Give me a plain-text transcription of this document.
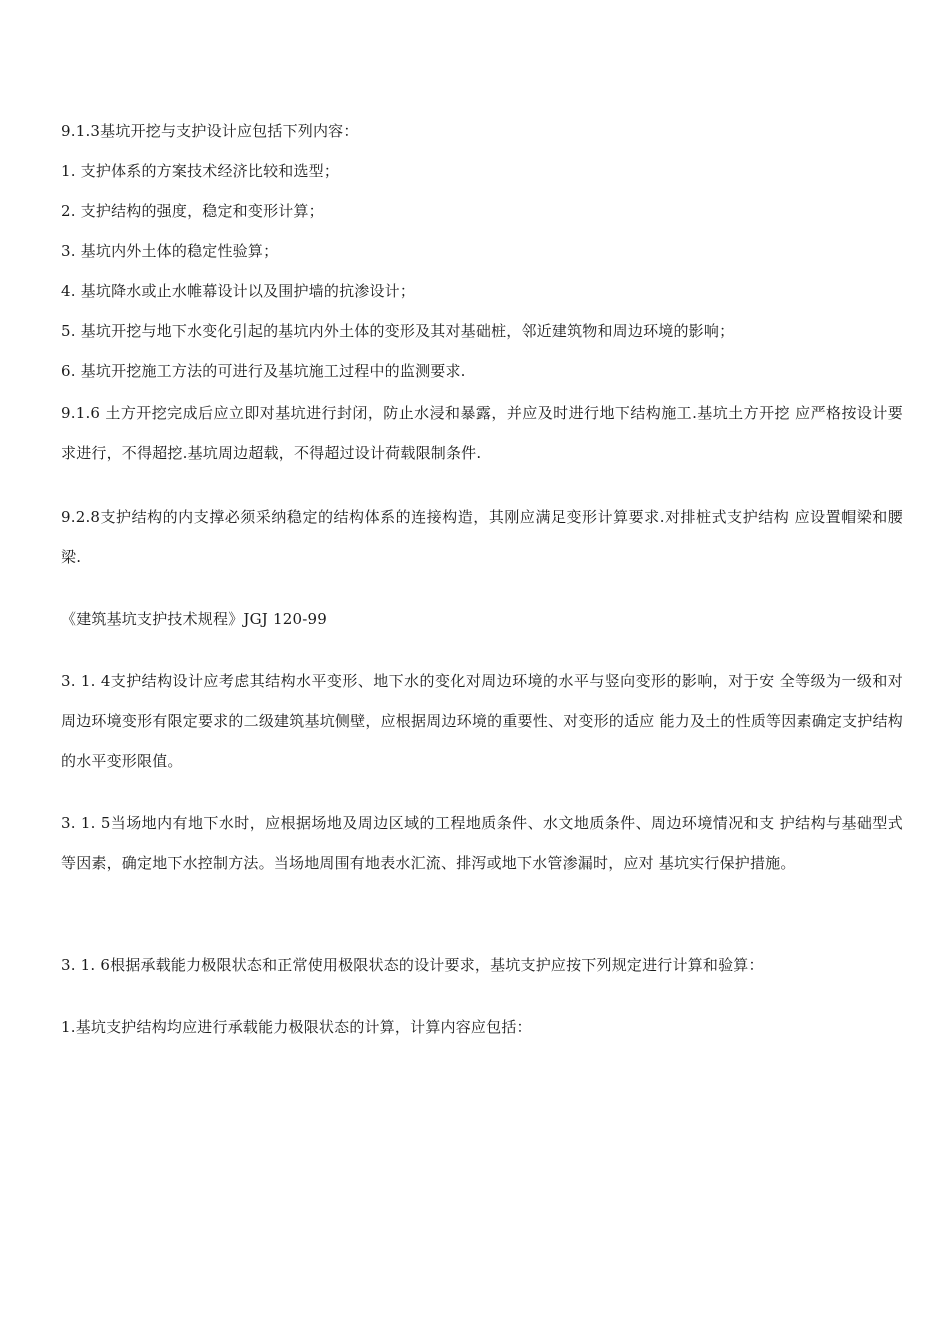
9.1.3基坑开挖与支护设计应包括下列内容：
1. 支护体系的方案技术经济比较和选型；
2. 支护结构的强度，稳定和变形计算；
3. 基坑内外土体的稳定性验算；
4. 基坑降水或止水帷幕设计以及围护墙的抗渗设计；
5. 基坑开挖与地下水变化引起的基坑内外土体的变形及其对基础桩，邻近建筑物和周边环境的影响；
6. 基坑开挖施工方法的可进行及基坑施工过程中的监测要求.
9.1.6 土方开挖完成后应立即对基坑进行封闭，防止水浸和暴露，并应及时进行地下结构施工.基坑土方开挖 应严格按设计要求进行，不得超挖.基坑周边超载，不得超过设计荷载限制条件.
9.2.8支护结构的内支撑必须采纳稳定的结构体系的连接构造，其刚应满足变形计算要求.对排桩式支护结构 应设置帽梁和腰梁.
《建筑基坑支护技术规程》JGJ 120-99
3. 1. 4支护结构设计应考虑其结构水平变形、地下水的变化对周边环境的水平与竖向变形的影响，对于安 全等级为一级和对周边环境变形有限定要求的二级建筑基坑侧壁，应根据周边环境的重要性、对变形的适应 能力及土的性质等因素确定支护结构的水平变形限值。
3. 1. 5当场地内有地下水时，应根据场地及周边区域的工程地质条件、水文地质条件、周边环境情况和支 护结构与基础型式等因素，确定地下水控制方法。当场地周围有地表水汇流、排泻或地下水管渗漏时，应对 基坑实行保护措施。
3. 1. 6根据承载能力极限状态和正常使用极限状态的设计要求，基坑支护应按下列规定进行计算和验算：
1.基坑支护结构均应进行承载能力极限状态的计算，计算内容应包括：
